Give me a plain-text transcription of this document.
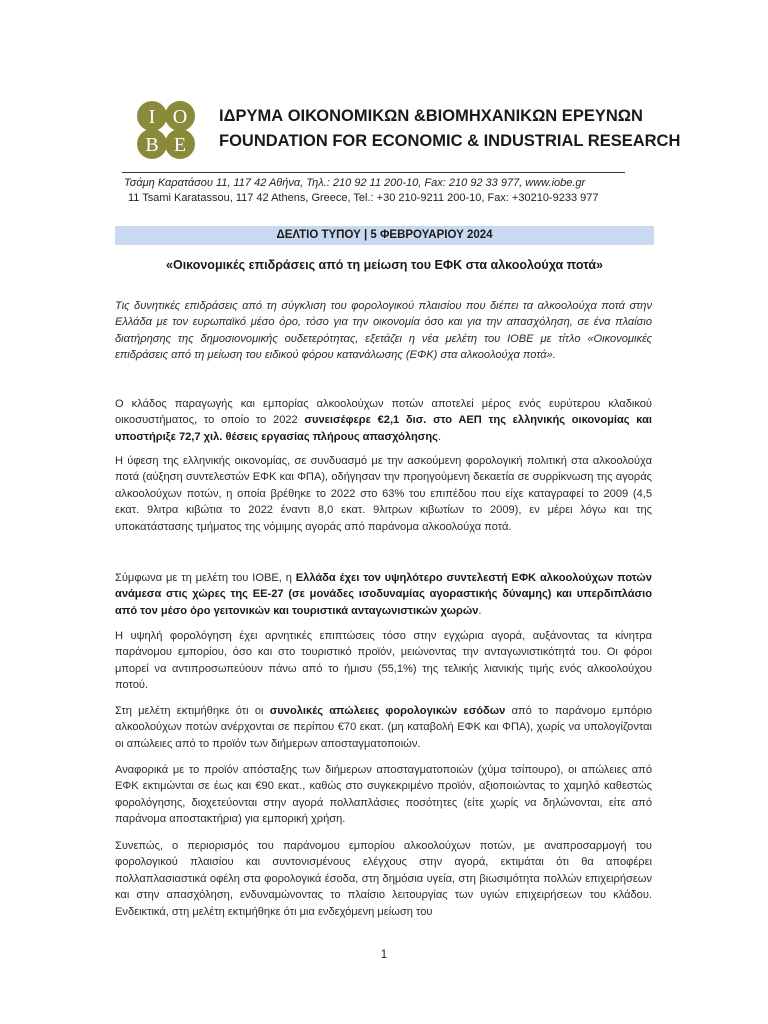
I O
B E
ΙΔΡΥΜΑ ΟΙΚΟΝΟΜΙΚΩΝ &ΒΙΟΜΗΧΑΝΙΚΩΝ ΕΡΕΥΝΩΝ
FOUNDATION FOR ECONOMIC & INDUSTRIAL RESEARCH
Τσάμη Καρατάσου 11, 117 42 Αθήνα, Τηλ.: 210 92 11 200-10, Fax: 210 92 33 977, www.iobe.gr
11 Tsami Karatassou, 117 42 Athens, Greece, Tel.: +30 210-9211 200-10, Fax: +30210-9233 977
ΔΕΛΤΙΟ ΤΥΠΟΥ | 5 ΦΕΒΡΟΥΑΡΙΟΥ 2024
«Οικονομικές επιδράσεις από τη μείωση του ΕΦΚ στα αλκοολούχα ποτά»
Τις δυνητικές επιδράσεις από τη σύγκλιση του φορολογικού πλαισίου που διέπει τα αλκοολούχα ποτά στην Ελλάδα με τον ευρωπαϊκό μέσο όρο, τόσο για την οικονομία όσο και για την απασχόληση, σε ένα πλαίσιο διατήρησης της δημοσιονομικής ουδετερότητας, εξετάζει η νέα μελέτη του ΙΟΒΕ με τίτλο «Οικονομικές επιδράσεις από τη μείωση του ειδικού φόρου κατανάλωσης (ΕΦΚ) στα αλκοολούχα ποτά».
Ο κλάδος παραγωγής και εμπορίας αλκοολούχων ποτών αποτελεί μέρος ενός ευρύτερου κλαδικού οικοσυστήματος, το οποίο το 2022 συνεισέφερε €2,1 δισ. στο ΑΕΠ της ελληνικής οικονομίας και υποστήριξε 72,7 χιλ. θέσεις εργασίας πλήρους απασχόλησης.
Η ύφεση της ελληνικής οικονομίας, σε συνδυασμό με την ασκούμενη φορολογική πολιτική στα αλκοολούχα ποτά (αύξηση συντελεστών ΕΦΚ και ΦΠΑ), οδήγησαν την προηγούμενη δεκαετία σε συρρίκνωση της αγοράς αλκοολούχων ποτών, η οποία βρέθηκε το 2022 στο 63% του επιπέδου που είχε καταγραφεί το 2009 (4,5 εκατ. 9λιτρα κιβώτια το 2022 έναντι 8,0 εκατ. 9λιτρων κιβωτίων το 2009), εν μέρει λόγω και της υποκατάστασης τμήματος της νόμιμης αγοράς από παράνομα αλκοολούχα ποτά.
Σύμφωνα με τη μελέτη του ΙΟΒΕ, η Ελλάδα έχει τον υψηλότερο συντελεστή ΕΦΚ αλκοολούχων ποτών ανάμεσα στις χώρες της ΕΕ-27 (σε μονάδες ισοδυναμίας αγοραστικής δύναμης) και υπερδιπλάσιο από τον μέσο όρο γειτονικών και τουριστικά ανταγωνιστικών χωρών.
Η υψηλή φορολόγηση έχει αρνητικές επιπτώσεις τόσο στην εγχώρια αγορά, αυξάνοντας τα κίνητρα παράνομου εμπορίου, όσο και στο τουριστικό προϊόν, μειώνοντας την ανταγωνιστικότητά του. Οι φόροι μπορεί να αντιπροσωπεύουν πάνω από το ήμισυ (55,1%) της τελικής λιανικής τιμής ενός αλκοολούχου ποτού.
Στη μελέτη εκτιμήθηκε ότι οι συνολικές απώλειες φορολογικών εσόδων από το παράνομο εμπόριο αλκοολούχων ποτών ανέρχονται σε περίπου €70 εκατ. (μη καταβολή ΕΦΚ και ΦΠΑ), χωρίς να υπολογίζονται οι απώλειες από το προϊόν των διήμερων αποσταγματοποιών.
Αναφορικά με το προϊόν απόσταξης των διήμερων αποσταγματοποιών (χύμα τσίπουρο), οι απώλειες από ΕΦΚ εκτιμώνται σε έως και €90 εκατ., καθώς στο συγκεκριμένο προϊόν, αξιοποιώντας το χαμηλό καθεστώς φορολόγησης, διοχετεύονται στην αγορά πολλαπλάσιες ποσότητες (είτε χωρίς να δηλώνονται, είτε από παράνομα αποστακτήρια) για εμπορική χρήση.
Συνεπώς, ο περιορισμός του παράνομου εμπορίου αλκοολούχων ποτών, με αναπροσαρμογή του φορολογικού πλαισίου και συντονισμένους ελέγχους στην αγορά, εκτιμάται ότι θα αποφέρει πολλαπλασιαστικά οφέλη στα φορολογικά έσοδα, στη δημόσια υγεία, στη βιωσιμότητα πολλών επιχειρήσεων και στην απασχόληση, ενδυναμώνοντας το πλαίσιο λειτουργίας των υγιών επιχειρήσεων του κλάδου. Ενδεικτικά, στη μελέτη εκτιμήθηκε ότι μια ενδεχόμενη μείωση του
1
